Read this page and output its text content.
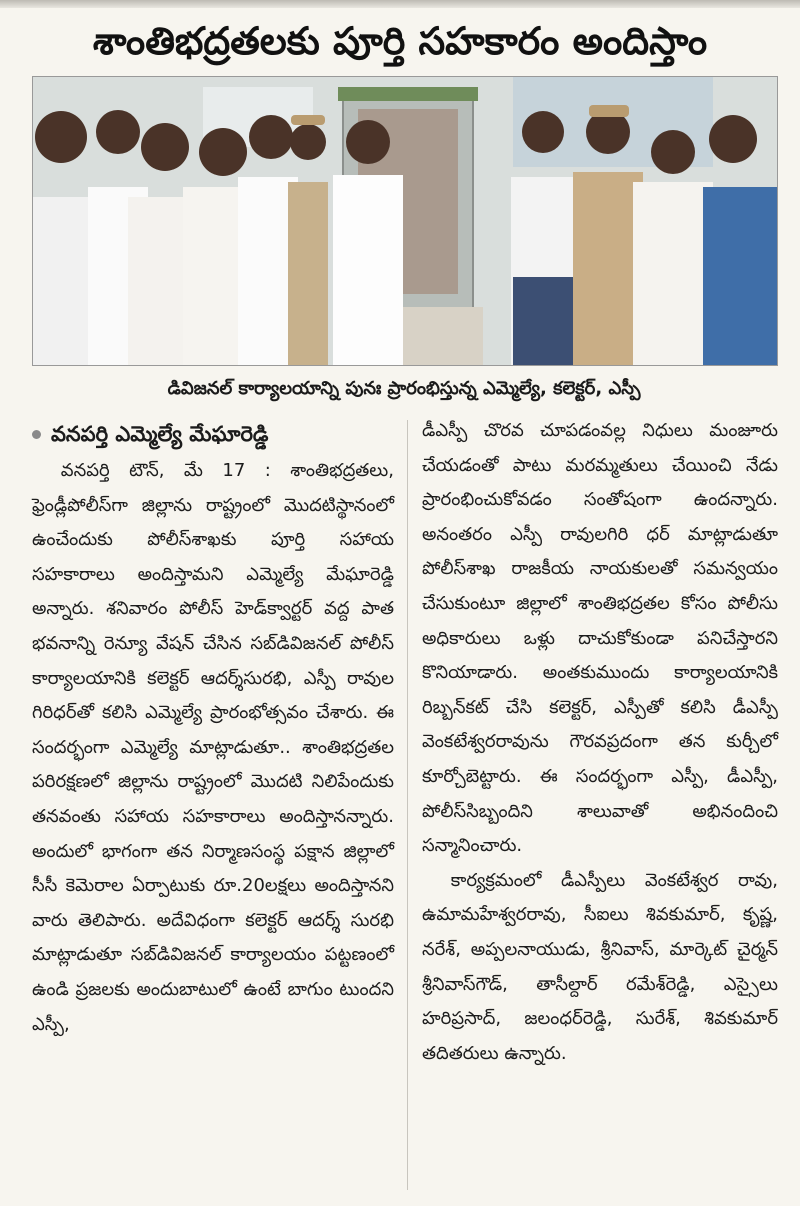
శాంతిభద్రతలకు పూర్తి సహకారం అందిస్తాం
డివిజనల్ కార్యాలయాన్ని పునః ప్రారంభిస్తున్న ఎమ్మెల్యే, కలెక్టర్, ఎస్పీ
వనపర్తి ఎమ్మెల్యే మేఘారెడ్డి

వనపర్తి టౌన్, మే 17 : శాంతిభద్రతలు, ఫ్రెండ్లీపోలీస్‌గా జిల్లాను రాష్ట్రంలో మొదటిస్థానంలో ఉంచేందుకు పోలీస్‌శాఖకు పూర్తి సహాయ సహకారాలు అందిస్తామని ఎమ్మెల్యే మేఘారెడ్డి అన్నారు. శనివారం పోలీస్ హెడ్‌క్వార్టర్ వద్ద పాత భవనాన్ని రెన్యూ వేషన్ చేసిన సబ్‌డివిజనల్ పోలీస్ కార్యాలయానికి కలెక్టర్ ఆదర్శ్‌సురభి, ఎస్పీ రావుల గిరిధర్‌తో కలిసి ఎమ్మెల్యే ప్రారంభోత్సవం చేశారు. ఈ సందర్భంగా ఎమ్మెల్యే మాట్లాడుతూ.. శాంతిభద్రతల పరిరక్షణలో జిల్లాను రాష్ట్రంలో మొదటి నిలిపేందుకు తనవంతు సహాయ సహకారాలు అందిస్తానన్నారు. అందులో భాగంగా తన నిర్మాణసంస్థ పక్షాన జిల్లాలో సీసీ కెమెరాల ఏర్పాటుకు రూ.20లక్షలు అందిస్తానని వారు తెలిపారు. అదేవిధంగా కలెక్టర్ ఆదర్శ్ సురభి మాట్లాడుతూ సబ్‌డివిజనల్ కార్యాలయం పట్టణంలో ఉండి ప్రజలకు అందుబాటులో ఉంటే బాగుం టుందని ఎస్పీ,

డీఎస్పీ చొరవ చూపడంవల్ల నిధులు మంజూరు చేయడంతో పాటు మరమ్మతులు చేయించి నేడు ప్రారంభించుకోవడం సంతోషంగా ఉందన్నారు. అనంతరం ఎస్పీ రావులగిరి ధర్ మాట్లాడుతూ పోలీస్‌శాఖ రాజకీయ నాయకులతో సమన్వయం చేసుకుంటూ జిల్లాలో శాంతిభద్రతల కోసం పోలీసు అధికారులు ఒళ్లు దాచుకోకుండా పనిచేస్తారని కొనియాడారు. అంతకుముందు కార్యాలయానికి రిబ్బన్‌కట్ చేసి కలెక్టర్, ఎస్పీతో కలిసి డీఎస్పీ వెంకటేశ్వరరావును గౌరవప్రదంగా తన కుర్చీలో కూర్చోబెట్టారు. ఈ సందర్భంగా ఎస్పీ, డీఎస్పీ, పోలీస్‌సిబ్బందిని శాలువాతో అభినందించి సన్మానించారు.

కార్యక్రమంలో డీఎస్పీలు వెంకటేశ్వర రావు, ఉమామహేశ్వరరావు, సీఐలు శివకుమార్, కృష్ణ, నరేశ్, అప్పలనాయుడు, శ్రీనివాస్, మార్కెట్ చైర్మన్ శ్రీనివాస్‌గౌడ్, తాసీల్దార్ రమేశ్‌రెడ్డి, ఎస్సైలు హరిప్రసాద్, జలంధర్‌రెడ్డి, సురేశ్, శివకుమార్ తదితరులు ఉన్నారు.
